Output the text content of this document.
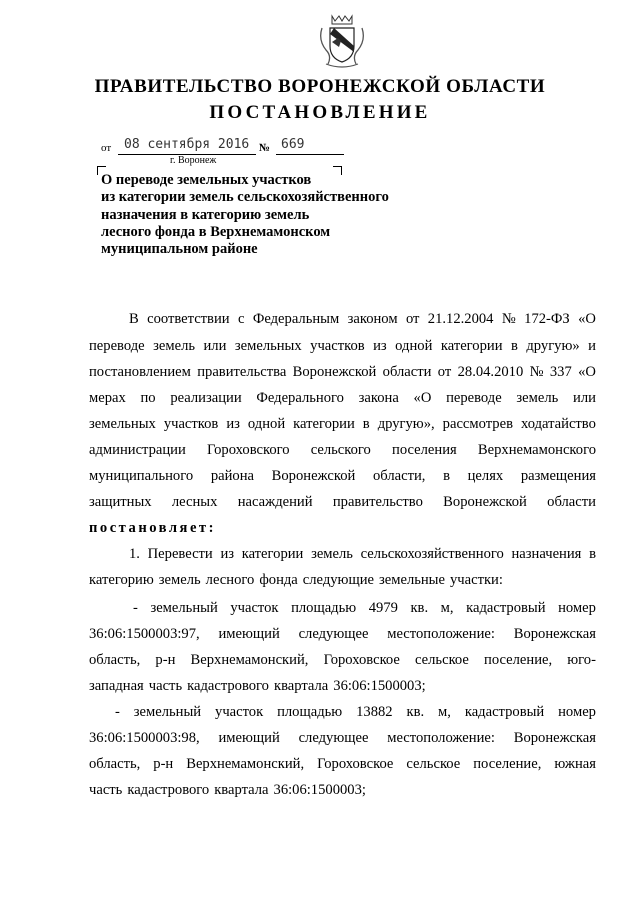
ПРАВИТЕЛЬСТВО ВОРОНЕЖСКОЙ ОБЛАСТИ
ПОСТАНОВЛЕНИЕ
от 08 сентября 2016 № 669
г. Воронеж
О переводе земельных участков
из категории земель сельскохозяйственного
назначения в категорию земель
лесного фонда в Верхнемамонском
муниципальном районе
В соответствии с Федеральным законом от 21.12.2004 № 172-ФЗ «О
переводе земель или земельных участков из одной категории в другую» и
постановлением правительства Воронежской области от 28.04.2010 № 337 «О
мерах по реализации Федерального закона «О переводе земель или
земельных участков из одной категории в другую», рассмотрев ходатайство
администрации Гороховского сельского поселения Верхнемамонского
муниципального района Воронежской области, в целях размещения
защитных лесных насаждений правительство Воронежской области
постановляет:
1. Перевести из категории земель сельскохозяйственного назначения в
категорию земель лесного фонда следующие земельные участки:
- земельный участок площадью 4979 кв. м, кадастровый номер
36:06:1500003:97, имеющий следующее местоположение: Воронежская
область, р-н Верхнемамонский, Гороховское сельское поселение, юго-
западная часть кадастрового квартала 36:06:1500003;
- земельный участок площадью 13882 кв. м, кадастровый номер
36:06:1500003:98, имеющий следующее местоположение: Воронежская
область, р-н Верхнемамонский, Гороховское сельское поселение, южная
часть кадастрового квартала 36:06:1500003;
